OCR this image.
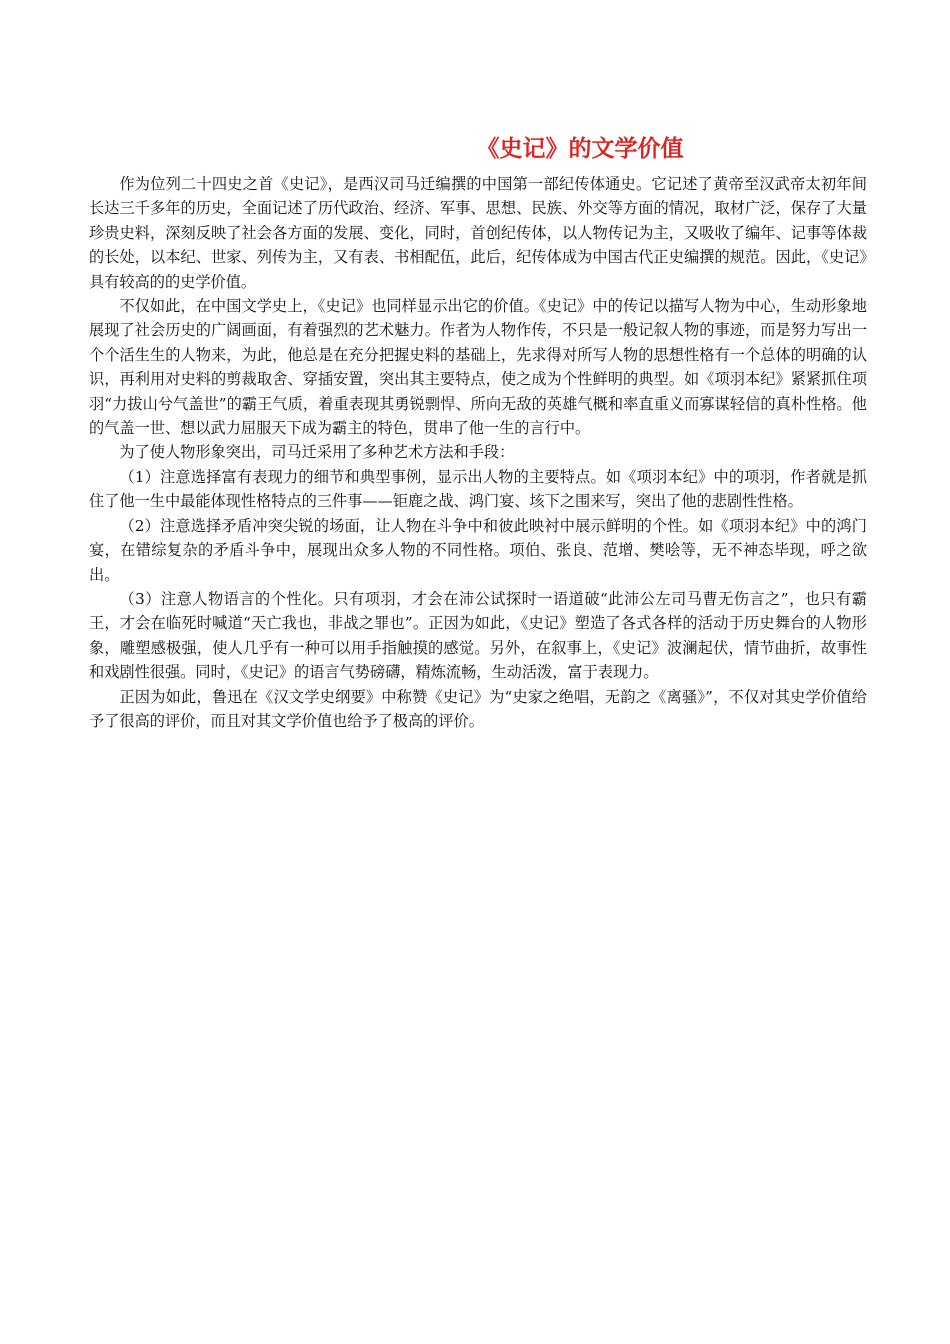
《史记》的文学价值

作为位列二十四史之首《史记》，是西汉司马迁编撰的中国第一部纪传体通史。它记述了黄帝至汉武帝太初年间长达三千多年的历史，全面记述了历代政治、经济、军事、思想、民族、外交等方面的情况，取材广泛，保存了大量珍贵史料，深刻反映了社会各方面的发展、变化，同时，首创纪传体，以人物传记为主，又吸收了编年、记事等体裁的长处，以本纪、世家、列传为主，又有表、书相配伍，此后，纪传体成为中国古代正史编撰的规范。因此，《史记》具有较高的的史学价值。

不仅如此，在中国文学史上，《史记》也同样显示出它的价值。《史记》中的传记以描写人物为中心，生动形象地展现了社会历史的广阔画面，有着强烈的艺术魅力。作者为人物作传，不只是一般记叙人物的事迹，而是努力写出一个个活生生的人物来，为此，他总是在充分把握史料的基础上，先求得对所写人物的思想性格有一个总体的明确的认识，再利用对史料的剪裁取舍、穿插安置，突出其主要特点，使之成为个性鲜明的典型。如《项羽本纪》紧紧抓住项羽“力拔山兮气盖世”的霸王气质，着重表现其勇锐剽悍、所向无敌的英雄气概和率直重义而寡谋轻信的真朴性格。他的气盖一世、想以武力屈服天下成为霸主的特色，贯串了他一生的言行中。

为了使人物形象突出，司马迁采用了多种艺术方法和手段：

（1）注意选择富有表现力的细节和典型事例，显示出人物的主要特点。如《项羽本纪》中的项羽，作者就是抓住了他一生中最能体现性格特点的三件事——钜鹿之战、鸿门宴、垓下之围来写，突出了他的悲剧性性格。

（2）注意选择矛盾冲突尖锐的场面，让人物在斗争中和彼此映衬中展示鲜明的个性。如《项羽本纪》中的鸿门宴，在错综复杂的矛盾斗争中，展现出众多人物的不同性格。项伯、张良、范增、樊哙等，无不神态毕现，呼之欲出。

（3）注意人物语言的个性化。只有项羽，才会在沛公试探时一语道破“此沛公左司马曹无伤言之”，也只有霸王，才会在临死时喊道“天亡我也，非战之罪也”。正因为如此，《史记》塑造了各式各样的活动于历史舞台的人物形象，雕塑感极强，使人几乎有一种可以用手指触摸的感觉。另外，在叙事上，《史记》波澜起伏，情节曲折，故事性和戏剧性很强。同时，《史记》的语言气势磅礴，精炼流畅，生动活泼，富于表现力。

正因为如此，鲁迅在《汉文学史纲要》中称赞《史记》为“史家之绝唱，无韵之《离骚》”，不仅对其史学价值给予了很高的评价，而且对其文学价值也给予了极高的评价。
